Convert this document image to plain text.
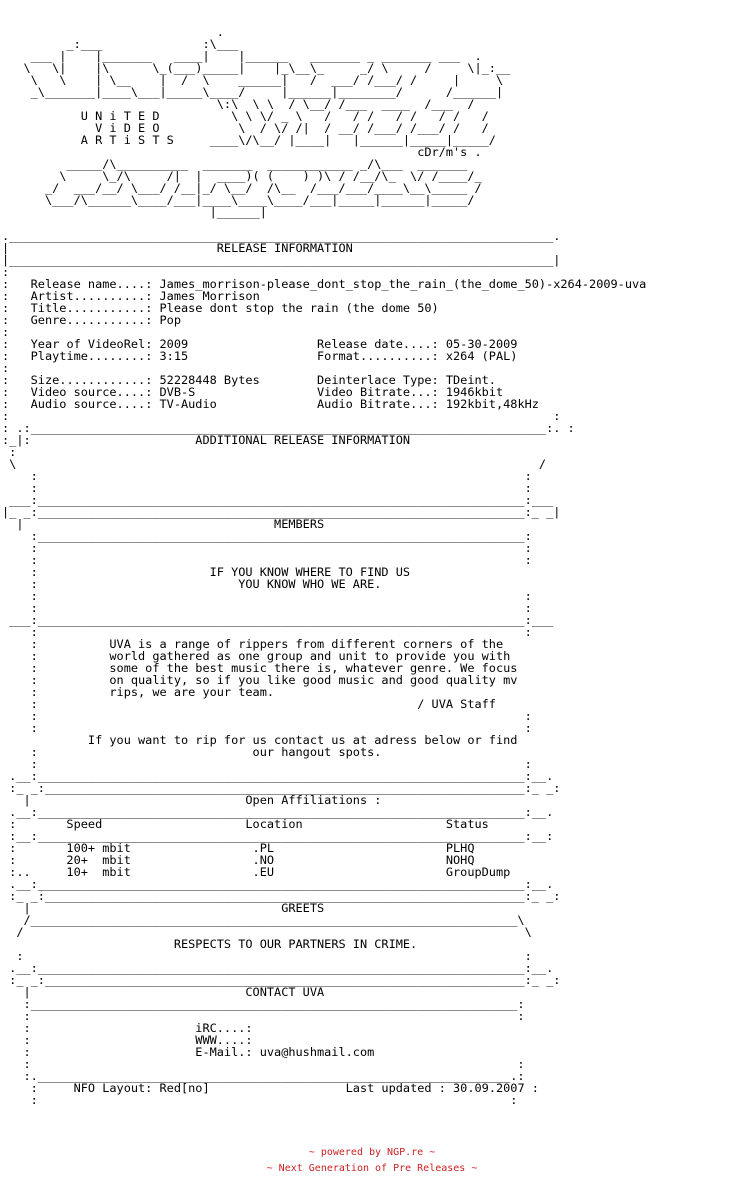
.
_:___              :\___
___ |    |_______   ____|    |______   _______ _ _______ ___  .
\   \|    |\      \_(___)_____|    |_\__\_     _/ \     /     \|_:__
\   \    | \__    |  /  \    ______|   /  ___/ /___/ /     |     \
_\_______|____\___|_____\____/     |______|________/      /______|
\:\  \ \  / \__/ /___  ____  /___  /
U N i T E D          \ \ \/ _ \   /   / /   / /   / /   /
V i D E O           \  / \/ /|  / __/ /___/ /___/ /   /
A R T i S T S     ____\/\__/ |____|   |______|_____|_____/
cDr/m's .
_____/\__________  _______  ____________ _/\___  _______
\     \_/\     /|  |  ____)( (    ) )\ / /__/\_  \/ /____/_
_/  ___/__/ \___/ /__|_/ \__/  /\__  /___/___/____\__\_____ /
\___/\______\____/___|____\____\____/___|_____|______|_____/
|______|

.____________________________________________________________________________.
|                             RELEASE INFORMATION
|____________________________________________________________________________|
:
:   Release name....: James_morrison-please_dont_stop_the_rain_(the_dome_50)-x264-2009-uva
:   Artist..........: James Morrison
:   Title...........: Please dont stop the rain (the dome 50)
:   Genre...........: Pop
:
:   Year of VideoRel: 2009                  Release date....: 05-30-2009
:   Playtime........: 3:15                  Format..........: x264 (PAL)
:
:   Size............: 52228448 Bytes        Deinterlace Type: TDeint.
:   Video source....: DVB-S                 Video Bitrate...: 1946kbit
:   Audio source....: TV-Audio              Audio Bitrate...: 192kbit,48kHz
:                                                                            :
: .:________________________________________________________________________:. :
:_|:                       ADDITIONAL RELEASE INFORMATION
:
\                                                                         /
:                                                                    :
:                                                                    :
___:____________________________________________________________________:___
|_ _:____________________________________________________________________:_ _|
|                                   MEMBERS
:____________________________________________________________________:
:                                                                    :
:                                                                    :
:                        IF YOU KNOW WHERE TO FIND US
:                            YOU KNOW WHO WE ARE.
:                                                                    :
:                                                                    :
___:____________________________________________________________________:___
:                                                                    :
:          UVA is a range of rippers from different corners of the
:          world gathered as one group and unit to provide you with
:          some of the best music there is, whatever genre. We focus
:          on quality, so if you like good music and good quality mv
:          rips, we are your team.
:                                                     / UVA Staff
:                                                                    :
:                                                                    :
If you want to rip for us contact us at adress below or find
:                              our hangout spots.
:                                                                    :
.__:____________________________________________________________________:__.
:_ _:___________________________________________________________________:_ _:
|                              Open Affiliations :
.__:____________________________________________________________________:__.
:       Speed                    Location                    Status
:__:____________________________________________________________________:__:
:       100+ mbit                 .PL                        PLHQ
:       20+  mbit                 .NO                        NOHQ
:..     10+  mbit                 .EU                        GroupDump
.__:____________________________________________________________________:__.
:_ _:___________________________________________________________________:_ _:
|                                   GREETS
/____________________________________________________________________\
/                                                                      \
RESPECTS TO OUR PARTNERS IN CRIME.
:                                                                      :
.__:____________________________________________________________________:__.
:_ _:___________________________________________________________________:_ _:
|                              CONTACT UVA
:____________________________________________________________________:
:                                                                    :
:                       iRC....:
:                       WWW....:
:                       E-Mail.: uva@hushmail.com
:                                                                    :
:.__________________________________________________________________.:
:     NFO Layout: Red[no]	Last updated : 30.09.2007 :
:__________________________________________________________________:
~ powered by NGP.re ~
~ Next Generation of Pre Releases ~
